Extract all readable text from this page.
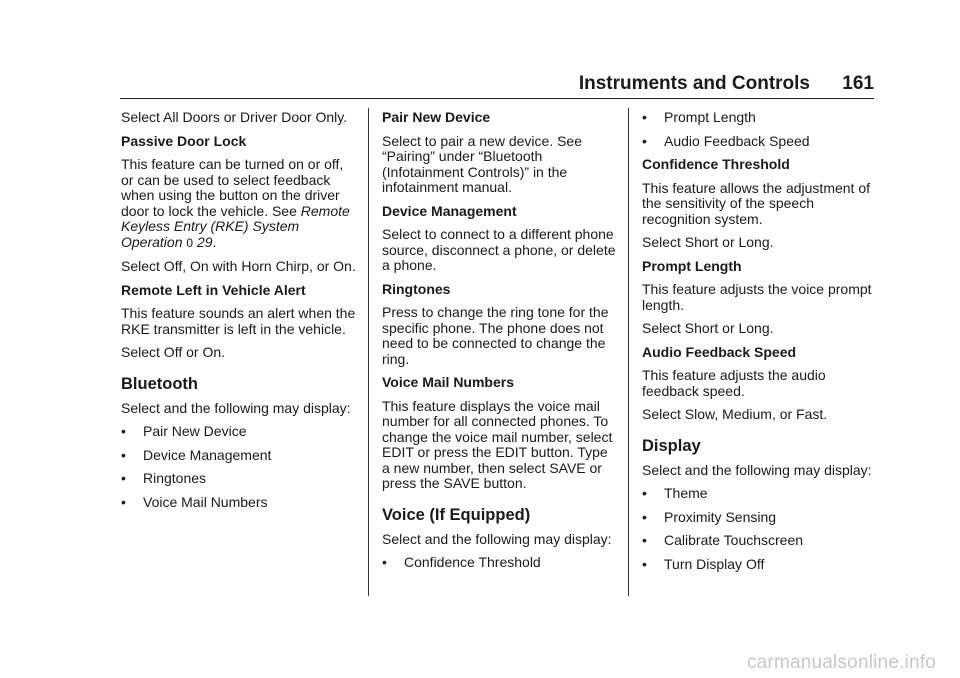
Instruments and Controls 161

Select All Doors or Driver Door Only.

Passive Door Lock

This feature can be turned on or off, or can be used to select feedback when using the button on the driver door to lock the vehicle. See Remote Keyless Entry (RKE) System Operation 0 29.

Select Off, On with Horn Chirp, or On.

Remote Left in Vehicle Alert

This feature sounds an alert when the RKE transmitter is left in the vehicle.

Select Off or On.

Bluetooth

Select and the following may display:

• Pair New Device
• Device Management
• Ringtones
• Voice Mail Numbers
Pair New Device

Select to pair a new device. See “Pairing” under “Bluetooth (Infotainment Controls)” in the infotainment manual.

Device Management

Select to connect to a different phone source, disconnect a phone, or delete a phone.

Ringtones

Press to change the ring tone for the specific phone. The phone does not need to be connected to change the ring.

Voice Mail Numbers

This feature displays the voice mail number for all connected phones. To change the voice mail number, select EDIT or press the EDIT button. Type a new number, then select SAVE or press the SAVE button.

Voice (If Equipped)

Select and the following may display:

• Confidence Threshold
• Prompt Length
• Audio Feedback Speed
Confidence Threshold

This feature allows the adjustment of the sensitivity of the speech recognition system.

Select Short or Long.

Prompt Length

This feature adjusts the voice prompt length.

Select Short or Long.

Audio Feedback Speed

This feature adjusts the audio feedback speed.

Select Slow, Medium, or Fast.

Display

Select and the following may display:

• Theme
• Proximity Sensing
• Calibrate Touchscreen
• Turn Display Off
carmanualsonline.info
